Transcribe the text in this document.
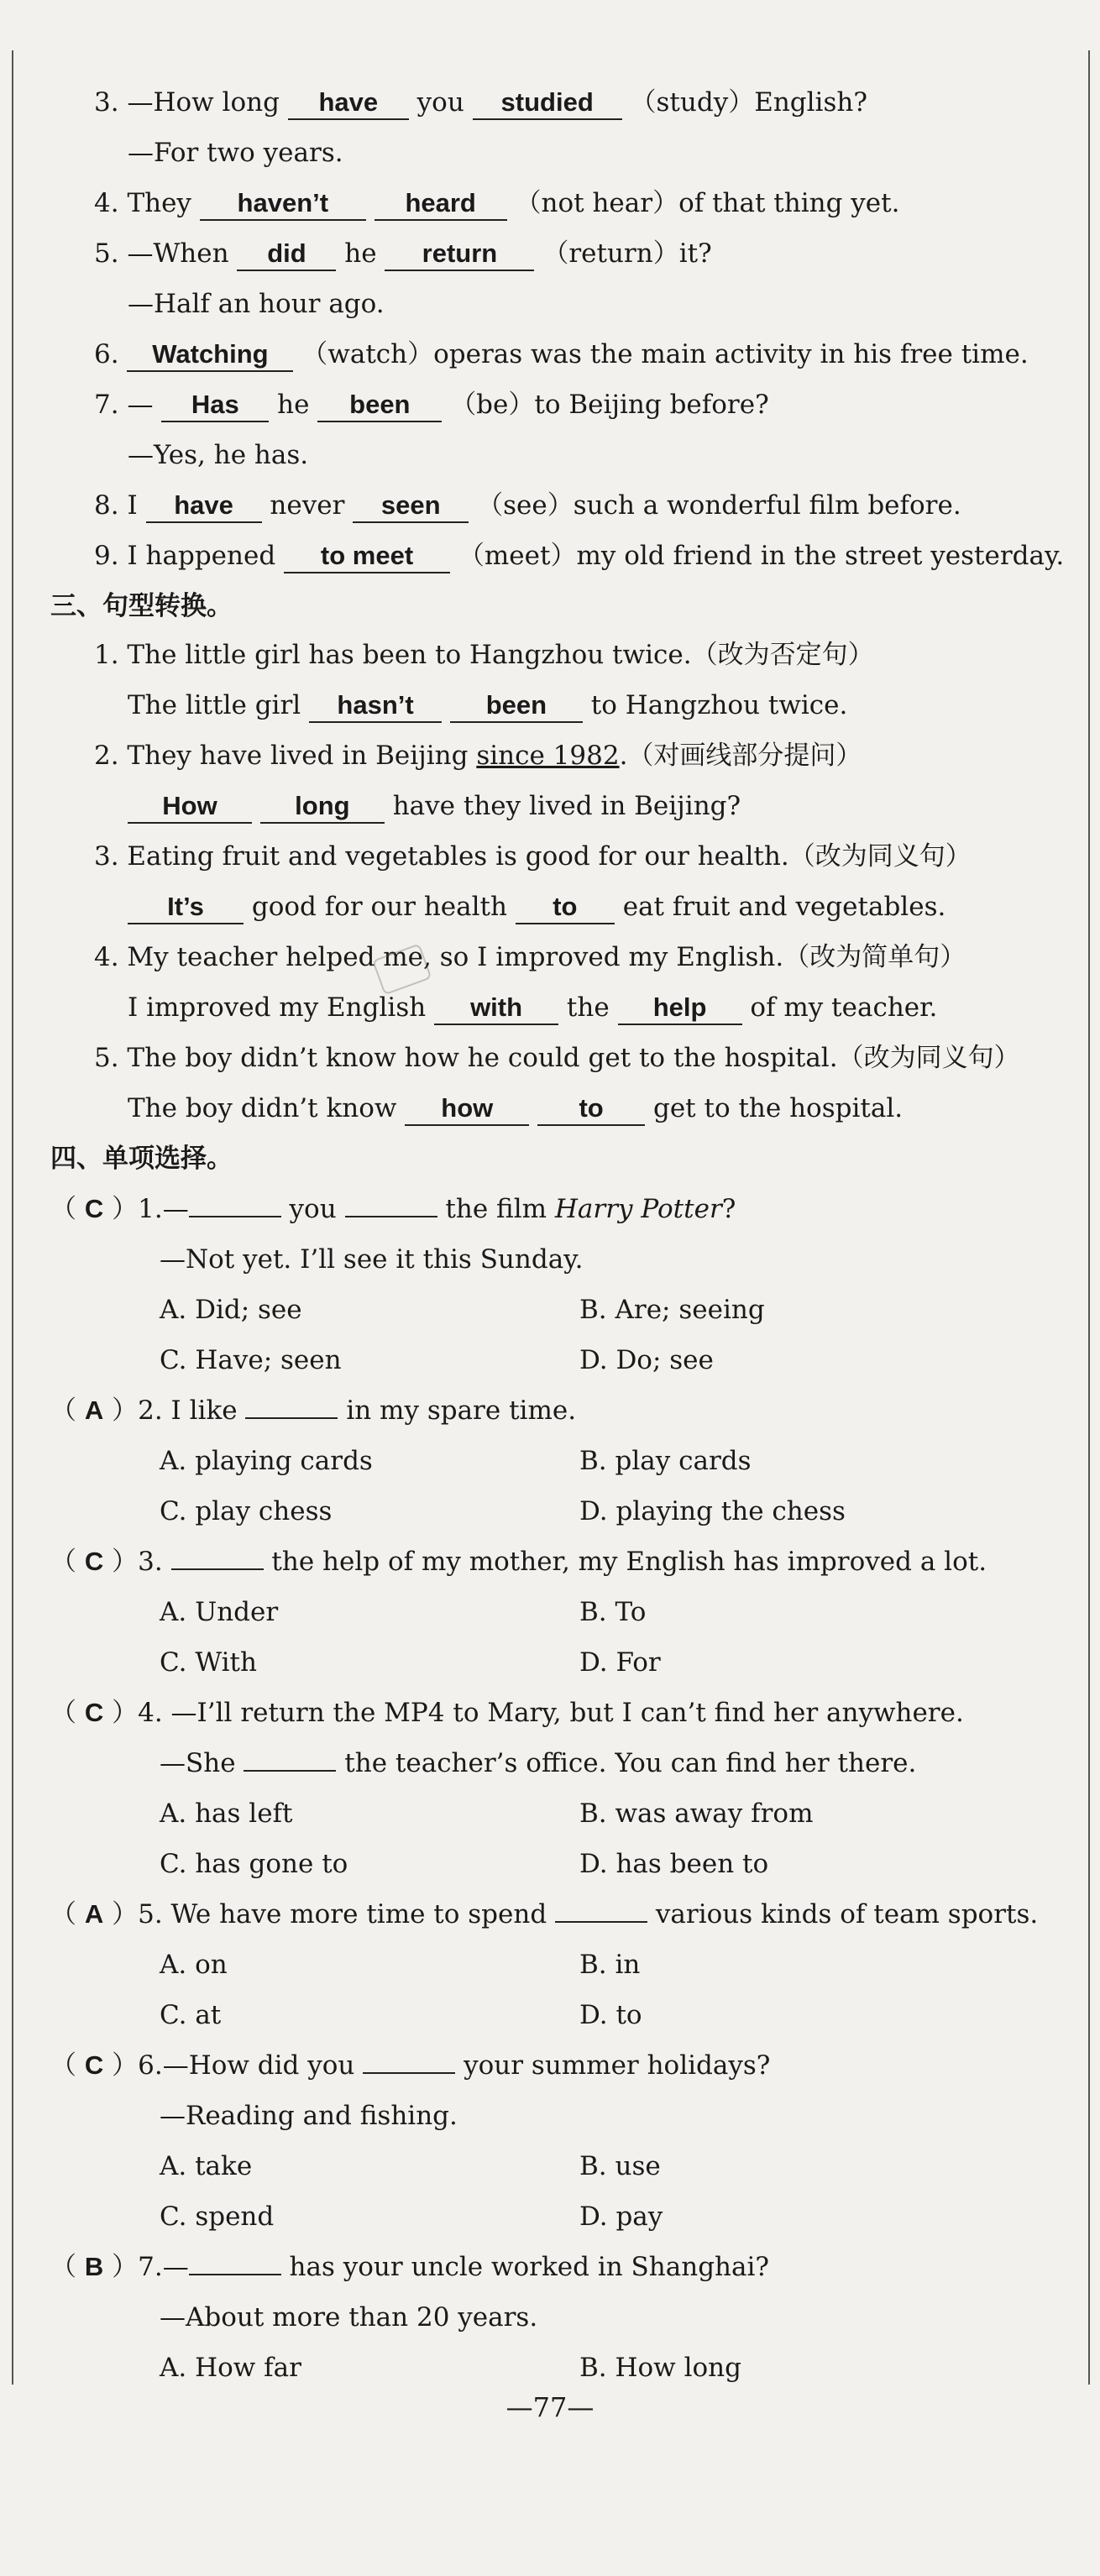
3. —How long have you studied （study）English?
—For two years.
4. They haven’t	heard （not hear）of that thing yet.
5. —When did he return （return）it?
—Half an hour ago.
6. Watching （watch）operas was the main activity in his free time.
7. — Has he been （be）to Beijing before?
—Yes, he has.
8. I have never seen （see）such a wonderful film before.
9. I happened to meet （meet）my old friend in the street yesterday.
三、句型转换。
1. The little girl has been to Hangzhou twice.（改为否定句）
The little girl hasn’t	been to Hangzhou twice.
2. They have lived in Beijing since 1982.（对画线部分提问）
How	long have they lived in Beijing?
3. Eating fruit and vegetables is good for our health.（改为同义句）
It’s good for our health to eat fruit and vegetables.
4. My teacher helped me, so I improved my English.（改为简单句）
I improved my English with the help of my teacher.
5. The boy didn’t know how he could get to the hospital.（改为同义句）
The boy didn’t know how	to get to the hospital.
四、单项选择。
（ C ）1.—	you	the film Harry Potter?
—Not yet. I’ll see it this Sunday.
A. Did; see	B. Are; seeing
C. Have; seen	D. Do; see
（ A ）2. I like	in my spare time.
A. playing cards	B. play cards
C. play chess	D. playing the chess
（ C ）3.	the help of my mother, my English has improved a lot.
A. Under	B. To
C. With	D. For
（ C ）4. —I’ll return the MP4 to Mary, but I can’t find her anywhere.
—She	the teacher’s office. You can find her there.
A. has left	B. was away from
C. has gone to	D. has been to
（ A ）5. We have more time to spend	various kinds of team sports.
A. on	B. in
C. at	D. to
（ C ）6.—How did you	your summer holidays?
—Reading and fishing.
A. take	B. use
C. spend	D. pay
（ B ）7.—	has your uncle worked in Shanghai?
—About more than 20 years.
A. How far	B. How long
—77—
